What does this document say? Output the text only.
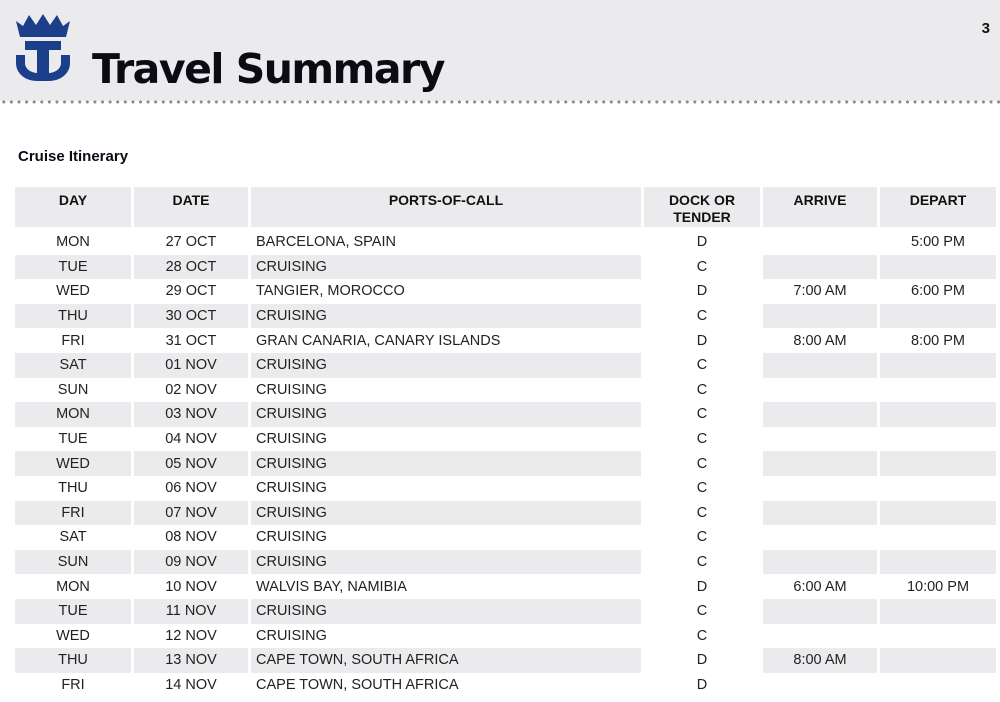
Travel Summary
3
Cruise Itinerary
DAY	DATE	PORTS-OF-CALL	DOCK OR TENDER	ARRIVE	DEPART
MON	27 OCT	BARCELONA, SPAIN	D		5:00 PM
TUE	28 OCT	CRUISING	C		
WED	29 OCT	TANGIER, MOROCCO	D	7:00 AM	6:00 PM
THU	30 OCT	CRUISING	C		
FRI	31 OCT	GRAN CANARIA, CANARY ISLANDS	D	8:00 AM	8:00 PM
SAT	01 NOV	CRUISING	C		
SUN	02 NOV	CRUISING	C		
MON	03 NOV	CRUISING	C		
TUE	04 NOV	CRUISING	C		
WED	05 NOV	CRUISING	C		
THU	06 NOV	CRUISING	C		
FRI	07 NOV	CRUISING	C		
SAT	08 NOV	CRUISING	C		
SUN	09 NOV	CRUISING	C		
MON	10 NOV	WALVIS BAY, NAMIBIA	D	6:00 AM	10:00 PM
TUE	11 NOV	CRUISING	C		
WED	12 NOV	CRUISING	C		
THU	13 NOV	CAPE TOWN, SOUTH AFRICA	D	8:00 AM	
FRI	14 NOV	CAPE TOWN, SOUTH AFRICA	D		
